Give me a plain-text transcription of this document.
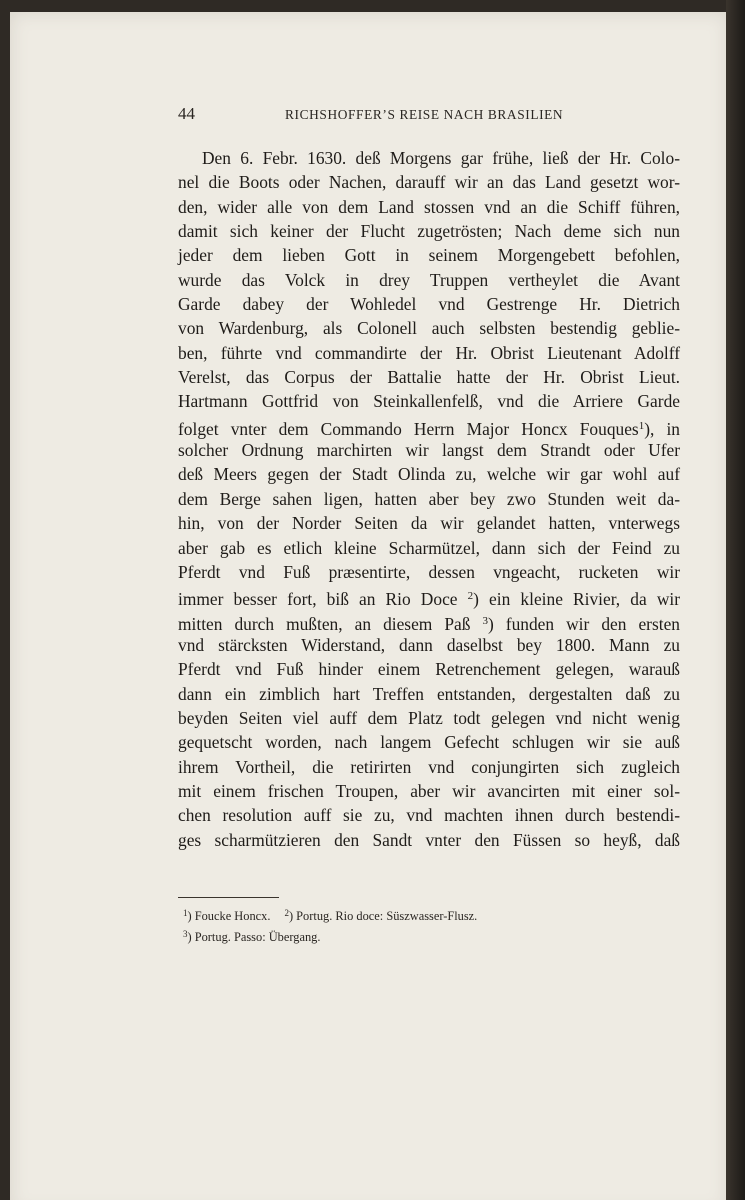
44	RICHSHOFFER’S REISE NACH BRASILIEN
Den 6. Febr. 1630. deß Morgens gar frühe, ließ der Hr. Colo-
nel die Boots oder Nachen, darauff wir an das Land gesetzt wor-
den, wider alle von dem Land stossen vnd an die Schiff führen,
damit sich keiner der Flucht zugetrösten; Nach deme sich nun
jeder dem lieben Gott in seinem Morgengebett befohlen,
wurde das Volck in drey Truppen vertheylet die Avant
Garde dabey der Wohledel vnd Gestrenge Hr. Dietrich
von Wardenburg, als Colonell auch selbsten bestendig geblie-
ben, führte vnd commandirte der Hr. Obrist Lieutenant Adolff
Verelst, das Corpus der Battalie hatte der Hr. Obrist Lieut.
Hartmann Gottfrid von Steinkallenfelß, vnd die Arriere Garde
folget vnter dem Commando Herrn Major Honcx Fouques$^1$), in
solcher Ordnung marchirten wir langst dem Strandt oder Ufer
deß Meers gegen der Stadt Olinda zu, welche wir gar wohl auf
dem Berge sahen ligen, hatten aber bey zwo Stunden weit da-
hin, von der Norder Seiten da wir gelandet hatten, vnterwegs
aber gab es etlich kleine Scharmützel, dann sich der Feind zu
Pferdt vnd Fuß præsentirte, dessen vngeacht, rucketen wir
immer besser fort, biß an Rio Doce $^2$) ein kleine Rivier, da wir
mitten durch mußten, an diesem Paß $^3$) funden wir den ersten
vnd stärcksten Widerstand, dann daselbst bey 1800. Mann zu
Pferdt vnd Fuß hinder einem Retrenchement gelegen, warauß
dann ein zimblich hart Treffen entstanden, dergestalten daß zu
beyden Seiten viel auff dem Platz todt gelegen vnd nicht wenig
gequetscht worden, nach langem Gefecht schlugen wir sie auß
ihrem Vortheil, die retirirten vnd conjungirten sich zugleich
mit einem frischen Troupen, aber wir avancirten mit einer sol-
chen resolution auff sie zu, vnd machten ihnen durch bestendi-
ges scharmützieren den Sandt vnter den Füssen so heyß, daß
$^1$) Foucke Honcx. $^2$) Portug. Rio doce: Süszwasser-Flusz.
$^3$) Portug. Passo: Übergang.
